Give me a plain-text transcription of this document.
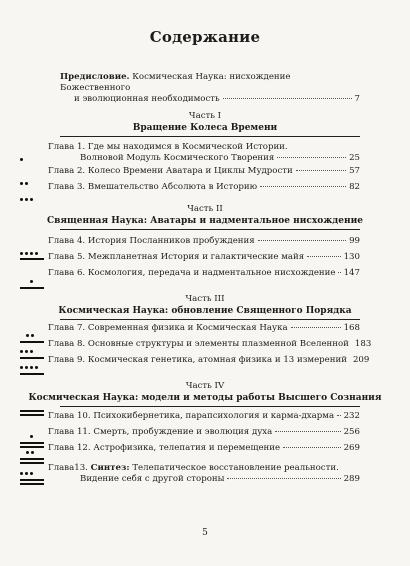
Содержание
Предисловие. Космическая Наука: нисхождение Божественного
и эволюционная необходимость	7
Часть I
Вращение Колеса Времени
Глава 1. Где мы находимся в Космической Истории.
Волновой Модуль Космического Творения	25
Глава 2. Колесо Времени Аватара и Циклы Мудрости	57
Глава 3. Вмешательство Абсолюта в Историю	82
Часть II
Священная Наука: Аватары и надментальное нисхождение
Глава 4. История Посланников пробуждения	99
Глава 5. Межпланетная История и галактические майя	130
Глава 6. Космология, передача и надментальное нисхождение 147
Часть III
Космическая Наука: обновление Священного Порядка
Глава 7. Современная физика и Космическая Наука	168
Глава 8. Основные структуры и элементы плазменной Вселенной 183
Глава 9. Космическая генетика, атомная физика и 13 измерений 209
Часть IV
Космическая Наука: модели и методы работы Высшего Сознания
Глава 10. Психокибернетика, парапсихология и карма-дхарма 232
Глава 11. Смерть, пробуждение и эволюция духа	256
Глава 12. Астрофизика, телепатия и перемещение	269
Глава13. Синтез: Телепатическое восстановление реальности.
Видение себя с другой стороны	289
5
